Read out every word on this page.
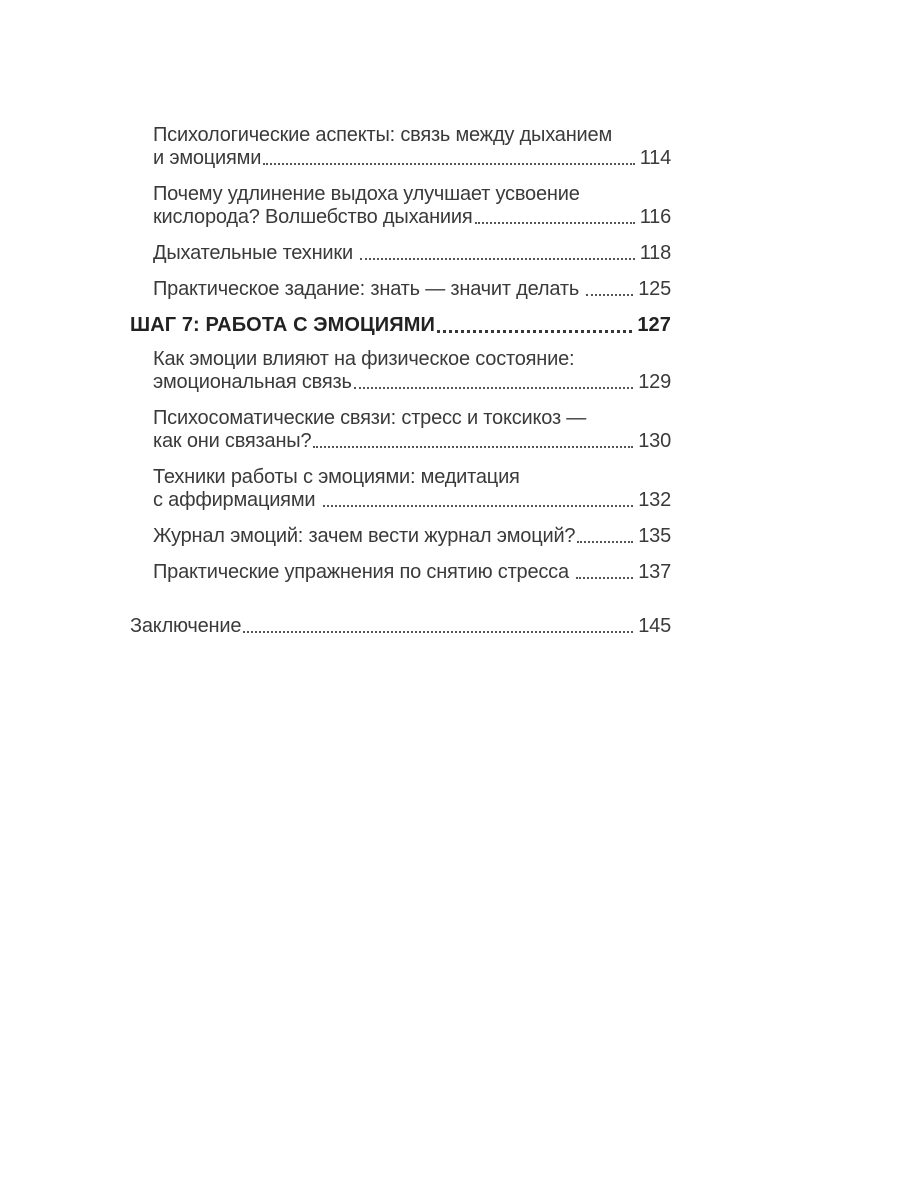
Психологические аспекты: связь между дыханием
и эмоциями	114
Почему удлинение выдоха улучшает усвоение
кислорода? Волшебство дыханиия	116
Дыхательные техники	118
Практическое задание: знать — значит делать	125
ШАГ 7: РАБОТА С ЭМОЦИЯМИ	127
Как эмоции влияют на физическое состояние:
эмоциональная связь	129
Психосоматические связи: стресс и токсикоз —
как они связаны?	130
Техники работы с эмоциями: медитация
с аффирмациями	132
Журнал эмоций: зачем вести журнал эмоций?	135
Практические упражнения по снятию стресса	137
Заключение	145
